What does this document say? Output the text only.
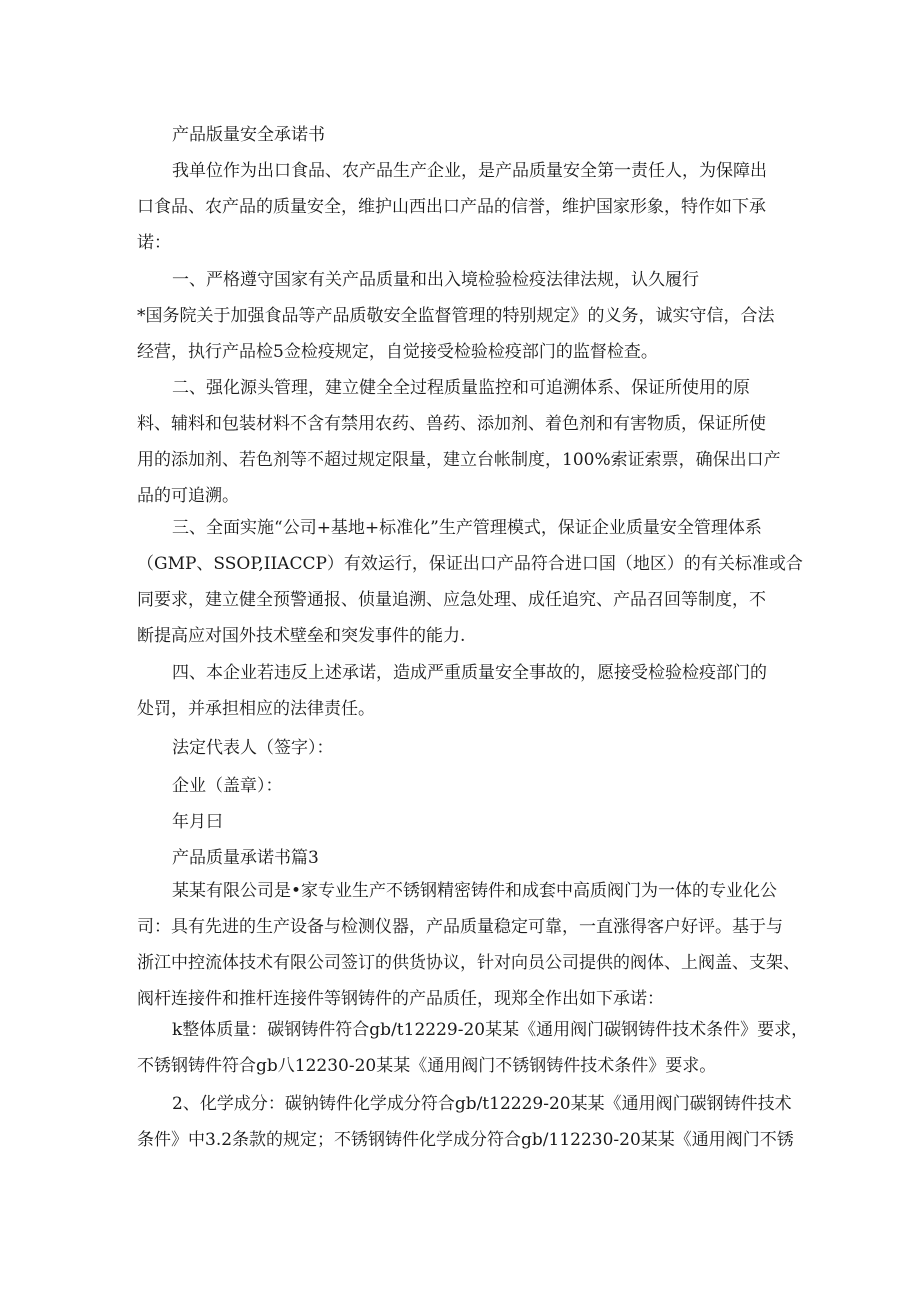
产品版量安全承诺书

我单位作为出口食品、农产品生产企业，是产品质量安全第一责任人，为保障出
口食品、农产品的质量安全，维护山西出口产品的信誉，维护国家形象，特作如下承
诺：

一、严格遵守国家有关产品质量和出入境检验检疫法律法规，认久履行
*国务院关于加强食品等产品质敬安全监督管理的特别规定》的义务，诚实守信，合法
经营，执行产品检5佥检疫规定，自觉接受检验检疫部门的监督检查。

二、强化源头管理，建立健全全过程质量监控和可追溯体系、保证所使用的原
料、辅料和包装材料不含有禁用农药、兽药、添加剂、着色剂和有害物质，保证所使
用的添加剂、若色剂等不超过规定限量，建立台帐制度，100%索证索票，确保出口产
品的可追溯。

三、全面实施“公司+基地+标准化”生产管理模式，保证企业质量安全管理体系
（GMP、SSOP,IIACCP）有效运行，保证出口产品符合进口国（地区）的有关标准或合
同要求，建立健全预警通报、侦量追溯、应急处理、成任追究、产品召回等制度，不
断提高应对国外技术壁垒和突发事件的能力.

四、本企业若违反上述承诺，造成严重质量安全事故的，愿接受检验检疫部门的
处罚，并承担相应的法律责任。

法定代表人（签字）：

企业（盖章）：

年月曰

产品质量承诺书篇3

某某有限公司是•家专业生产不锈钢精密铸件和成套中高质阀门为一体的专业化公
司：具有先进的生产设备与检测仪器，产品质量稳定可靠，一直涨得客户好评。基于与
浙江中控流体技术有限公司签订的供货协议，针对向员公司提供的阀体、上阀盖、支架、
阀杆连接件和推杆连接件等钢铸件的产品质任，现郑全作出如下承诺：

k整体质量：碳钢铸件符合gb/t12229-20某某《通用阀门碳钢铸件技术条件》要求，
不锈钢铸件符合gb八12230-20某某《通用阀门不锈钢铸件技术条件》要求。

2、化学成分：碳钠铸件化学成分符合gb/t12229-20某某《通用阀门碳钢铸件技术
条件》中3.2条款的规定；不锈钢铸件化学成分符合gb/112230-20某某《通用阀门不锈
